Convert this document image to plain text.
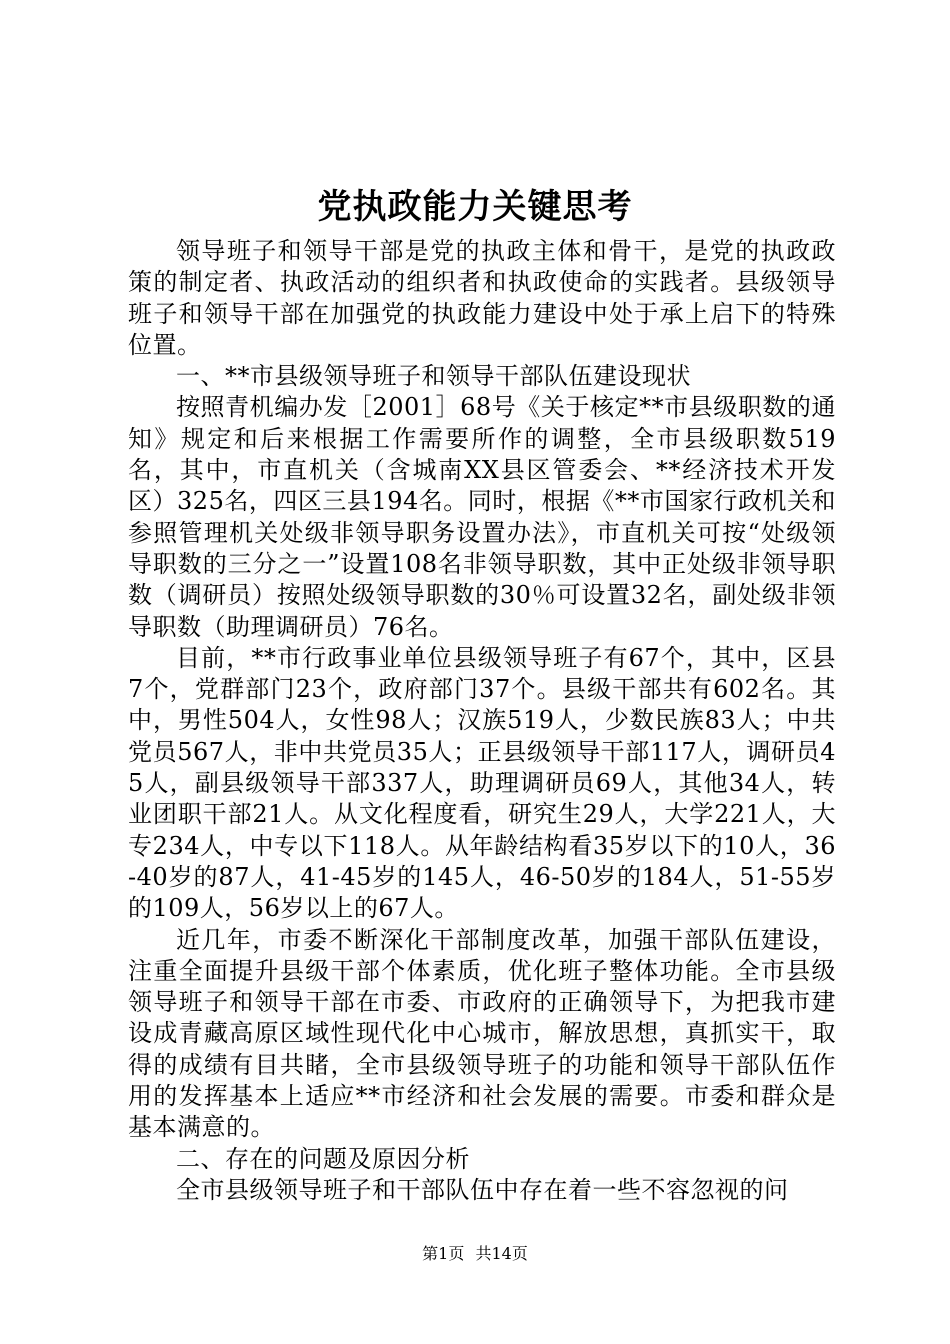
党执政能力关键思考

领导班子和领导干部是党的执政主体和骨干，是党的执政政策的制定者、执政活动的组织者和执政使命的实践者。县级领导班子和领导干部在加强党的执政能力建设中处于承上启下的特殊位置。

一、**市县级领导班子和领导干部队伍建设现状

按照青机编办发［2001］68号《关于核定**市县级职数的通知》规定和后来根据工作需要所作的调整，全市县级职数519名，其中，市直机关（含城南XX县区管委会、**经济技术开发区）325名，四区三县194名。同时，根据《**市国家行政机关和参照管理机关处级非领导职务设置办法》，市直机关可按“处级领导职数的三分之一”设置108名非领导职数，其中正处级非领导职数（调研员）按照处级领导职数的30％可设置32名，副处级非领导职数（助理调研员）76名。

目前，**市行政事业单位县级领导班子有67个，其中，区县7个，党群部门23个，政府部门37个。县级干部共有602名。其中，男性504人，女性98人；汉族519人，少数民族83人；中共党员567人，非中共党员35人；正县级领导干部117人，调研员45人，副县级领导干部337人，助理调研员69人，其他34人，转业团职干部21人。从文化程度看，研究生29人，大学221人，大专234人，中专以下118人。从年龄结构看35岁以下的10人，36-40岁的87人，41-45岁的145人，46-50岁的184人，51-55岁的109人，56岁以上的67人。

近几年，市委不断深化干部制度改革，加强干部队伍建设，注重全面提升县级干部个体素质，优化班子整体功能。全市县级领导班子和领导干部在市委、市政府的正确领导下，为把我市建设成青藏高原区域性现代化中心城市，解放思想，真抓实干，取得的成绩有目共睹，全市县级领导班子的功能和领导干部队伍作用的发挥基本上适应**市经济和社会发展的需要。市委和群众是基本满意的。

二、存在的问题及原因分析

全市县级领导班子和干部队伍中存在着一些不容忽视的问

第1页 共14页
